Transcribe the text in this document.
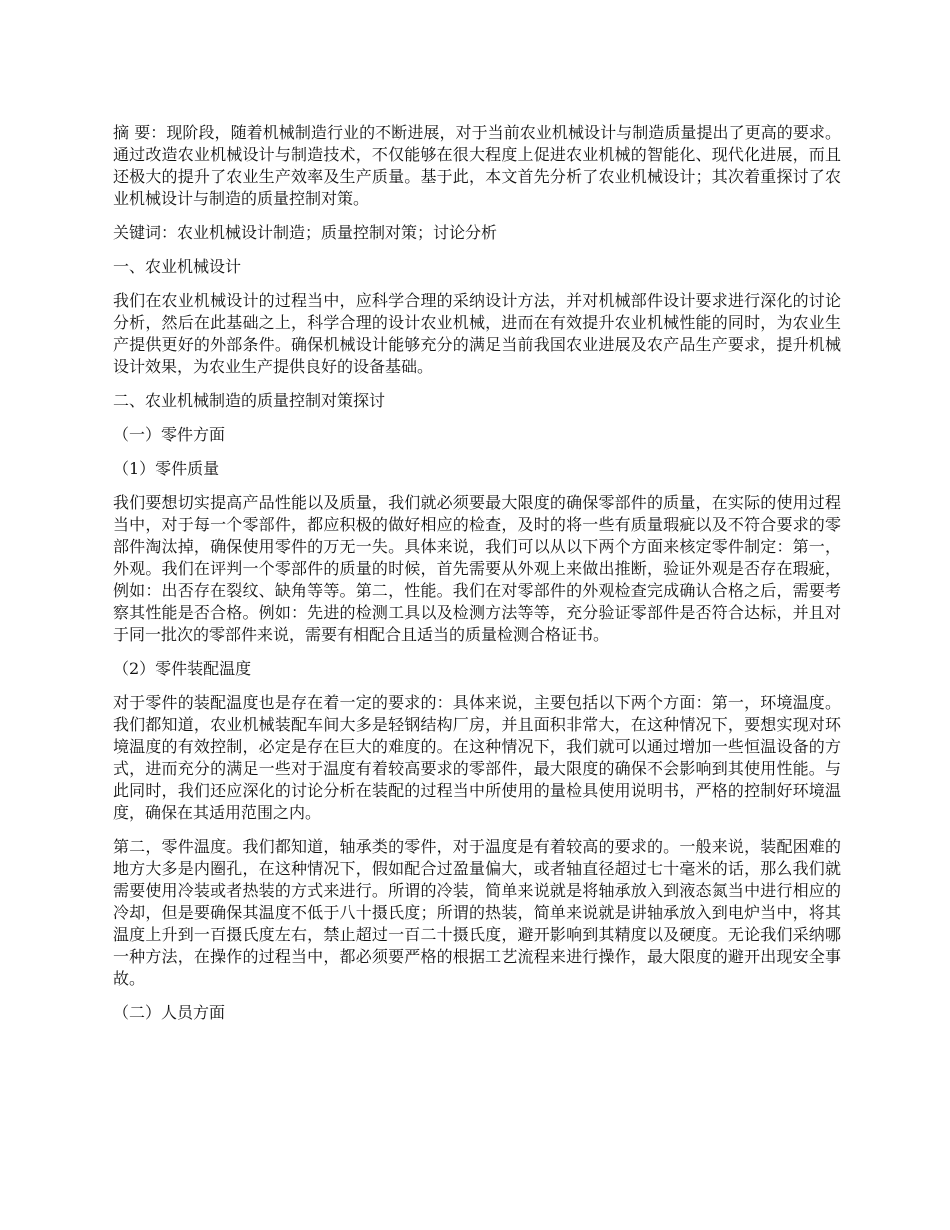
摘 要：现阶段，随着机械制造行业的不断进展，对于当前农业机械设计与制造质量提出了更高的要求。通过改造农业机械设计与制造技术，不仅能够在很大程度上促进农业机械的智能化、现代化进展，而且还极大的提升了农业生产效率及生产质量。基于此，本文首先分析了农业机械设计；其次着重探讨了农业机械设计与制造的质量控制对策。

关键词：农业机械设计制造；质量控制对策；讨论分析

一、农业机械设计

我们在农业机械设计的过程当中，应科学合理的采纳设计方法，并对机械部件设计要求进行深化的讨论分析，然后在此基础之上，科学合理的设计农业机械，进而在有效提升农业机械性能的同时，为农业生产提供更好的外部条件。确保机械设计能够充分的满足当前我国农业进展及农产品生产要求，提升机械设计效果，为农业生产提供良好的设备基础。

二、农业机械制造的质量控制对策探讨

（一）零件方面

（1）零件质量

我们要想切实提高产品性能以及质量，我们就必须要最大限度的确保零部件的质量，在实际的使用过程当中，对于每一个零部件，都应积极的做好相应的检查，及时的将一些有质量瑕疵以及不符合要求的零部件淘汰掉，确保使用零件的万无一失。具体来说，我们可以从以下两个方面来核定零件制定：第一，外观。我们在评判一个零部件的质量的时候，首先需要从外观上来做出推断，验证外观是否存在瑕疵，例如：出否存在裂纹、缺角等等。第二，性能。我们在对零部件的外观检查完成确认合格之后，需要考察其性能是否合格。例如：先进的检测工具以及检测方法等等，充分验证零部件是否符合达标，并且对于同一批次的零部件来说，需要有相配合且适当的质量检测合格证书。

（2）零件装配温度

对于零件的装配温度也是存在着一定的要求的：具体来说，主要包括以下两个方面：第一，环境温度。我们都知道，农业机械装配车间大多是轻钢结构厂房，并且面积非常大，在这种情况下，要想实现对环境温度的有效控制，必定是存在巨大的难度的。在这种情况下，我们就可以通过增加一些恒温设备的方式，进而充分的满足一些对于温度有着较高要求的零部件，最大限度的确保不会影响到其使用性能。与此同时，我们还应深化的讨论分析在装配的过程当中所使用的量检具使用说明书，严格的控制好环境温度，确保在其适用范围之内。

第二，零件温度。我们都知道，轴承类的零件，对于温度是有着较高的要求的。一般来说，装配困难的地方大多是内圈孔，在这种情况下，假如配合过盈量偏大，或者轴直径超过七十毫米的话，那么我们就需要使用冷装或者热装的方式来进行。所谓的冷装，简单来说就是将轴承放入到液态氮当中进行相应的冷却，但是要确保其温度不低于八十摄氏度；所谓的热装，简单来说就是讲轴承放入到电炉当中，将其温度上升到一百摄氏度左右，禁止超过一百二十摄氏度，避开影响到其精度以及硬度。无论我们采纳哪一种方法，在操作的过程当中，都必须要严格的根据工艺流程来进行操作，最大限度的避开出现安全事故。

（二）人员方面
